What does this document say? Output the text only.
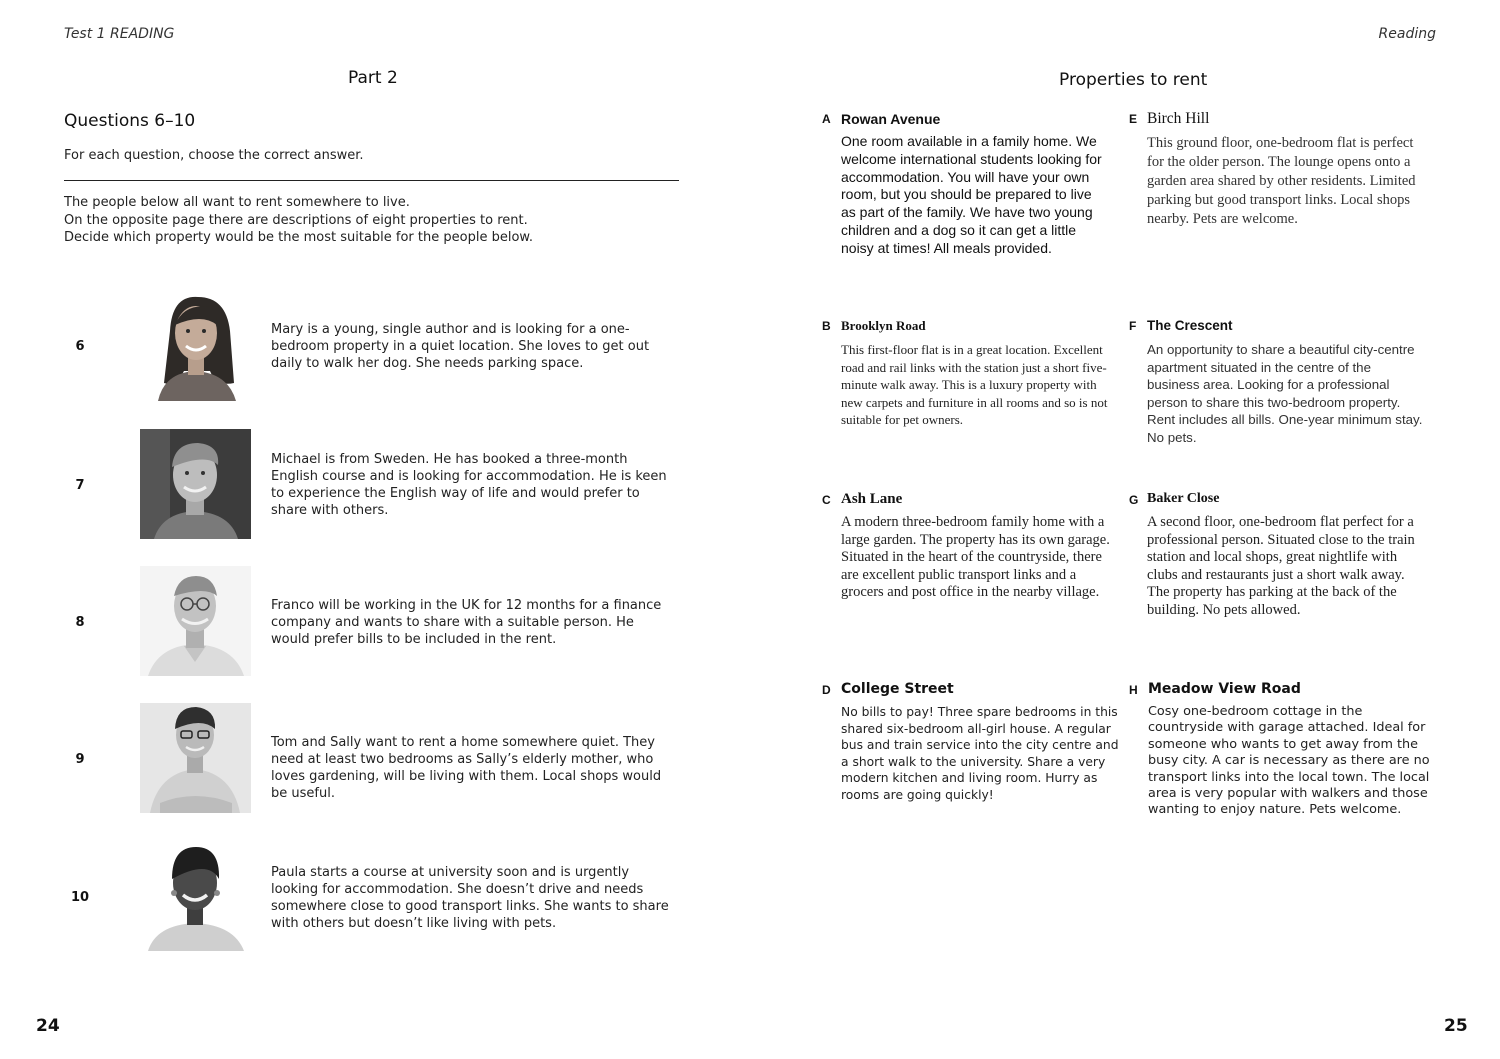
Test 1 READING
Part 2
Questions 6–10
For each question, choose the correct answer.

The people below all want to rent somewhere to live.

On the opposite page there are descriptions of eight properties to rent.

Decide which property would be the most suitable for the people below.

6
Mary is a young, single author and is looking for a one-bedroom property in a quiet location. She loves to get out daily to walk her dog. She needs parking space.
7
Michael is from Sweden. He has booked a three-month English course and is looking for accommodation. He is keen to experience the English way of life and would prefer to share with others.
8
Franco will be working in the UK for 12 months for a finance company and wants to share with a suitable person. He would prefer bills to be included in the rent.
9
Tom and Sally want to rent a home somewhere quiet. They need at least two bedrooms as Sally’s elderly mother, who loves gardening, will be living with them. Local shops would be useful.
10
Paula starts a course at university soon and is urgently looking for accommodation. She doesn’t drive and needs somewhere close to good transport links. She wants to share with others but doesn’t like living with pets.
24
Reading
Properties to rent
A Rowan Avenue

One room available in a family home. We welcome international students looking for accommodation. You will have your own room, but you should be prepared to live as part of the family. We have two young children and a dog so it can get a little noisy at times! All meals provided.

B Brooklyn Road

This first-floor flat is in a great location. Excellent road and rail links with the station just a short five-minute walk away. This is a luxury property with new carpets and furniture in all rooms and so is not suitable for pet owners.

C Ash Lane

A modern three-bedroom family home with a large garden. The property has its own garage. Situated in the heart of the countryside, there are excellent public transport links and a grocers and post office in the nearby village.

D College Street

No bills to pay! Three spare bedrooms in this shared six-bedroom all-girl house. A regular bus and train service into the city centre and a short walk to the university. Share a very modern kitchen and living room. Hurry as rooms are going quickly!

E Birch Hill

This ground floor, one-bedroom flat is perfect for the older person. The lounge opens onto a garden area shared by other residents. Limited parking but good transport links. Local shops nearby. Pets are welcome.

F The Crescent

An opportunity to share a beautiful city-centre apartment situated in the centre of the business area. Looking for a professional person to share this two-bedroom property. Rent includes all bills. One-year minimum stay. No pets.

G Baker Close

A second floor, one-bedroom flat perfect for a professional person. Situated close to the train station and local shops, great nightlife with clubs and restaurants just a short walk away. The property has parking at the back of the building. No pets allowed.

H Meadow View Road

Cosy one-bedroom cottage in the countryside with garage attached. Ideal for someone who wants to get away from the busy city. A car is necessary as there are no transport links into the local town. The local area is very popular with walkers and those wanting to enjoy nature. Pets welcome.

25
